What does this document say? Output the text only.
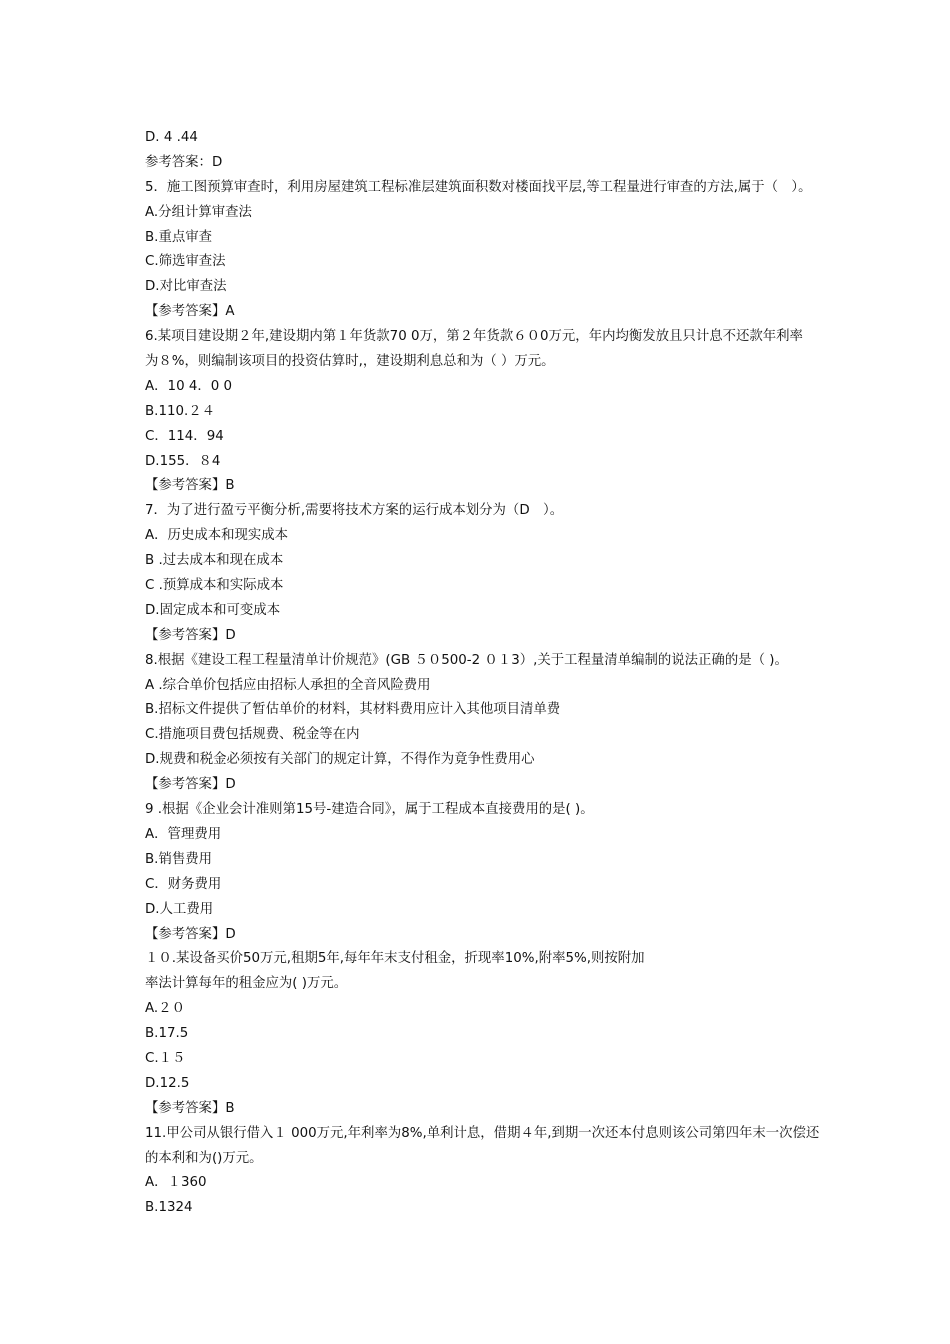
D. 4 .44
参考答案：D
5．施工图预算审查时，利用房屋建筑工程标准层建筑面积数对楼面找平层,等工程量进行审查的方法,属于（　）。
A.分组计算审查法
B.重点审查
C.筛选审查法
D.对比审查法
【参考答案】A
6.某项目建设期２年,建设期内第１年货款70 0万，第２年货款６０0万元，年内均衡发放且只计息不还款年利率
为８%，则编制该项目的投资估算时,，建设期利息总和为（ ）万元。
A．10 4．0 0
B.110.２４
C．114．94
D.155．８4
【参考答案】B
7．为了进行盈亏平衡分析,需要将技术方案的运行成本划分为（D　）。
A．历史成本和现实成本
B .过去成本和现在成本
C .预算成本和实际成本
D.固定成本和可变成本
【参考答案】D
8.根据《建设工程工程量清单计价规范》(GB ５０500-2 ０１3）,关于工程量清单编制的说法正确的是（ )。
A .综合单价包括应由招标人承担的全音风险费用
B.招标文件提供了暂估单价的材料，其材料费用应计入其他项目清单费
C.措施项目费包括规费、税金等在内
D.规费和税金必须按有关部门的规定计算，不得作为竟争性费用心
【参考答案】D
9 .根据《企业会计准则第15号-建造合同》，属于工程成本直接费用的是( )。
A．管理费用
B.销售费用
C．财务费用
D.人工费用
【参考答案】D
１０.某设备买价50万元,租期5年,每年年末支付租金，折现率10%,附率5%,则按附加
率法计算每年的租金应为( )万元。
A.２０
B.17.5
C.１５
D.12.5
【参考答案】B
11.甲公司从银行借入１ 000万元,年利率为8%,单利计息，借期４年,到期一次还本付息则该公司第四年末一次偿还
的本利和为()万元。
A．１360
B.1324
